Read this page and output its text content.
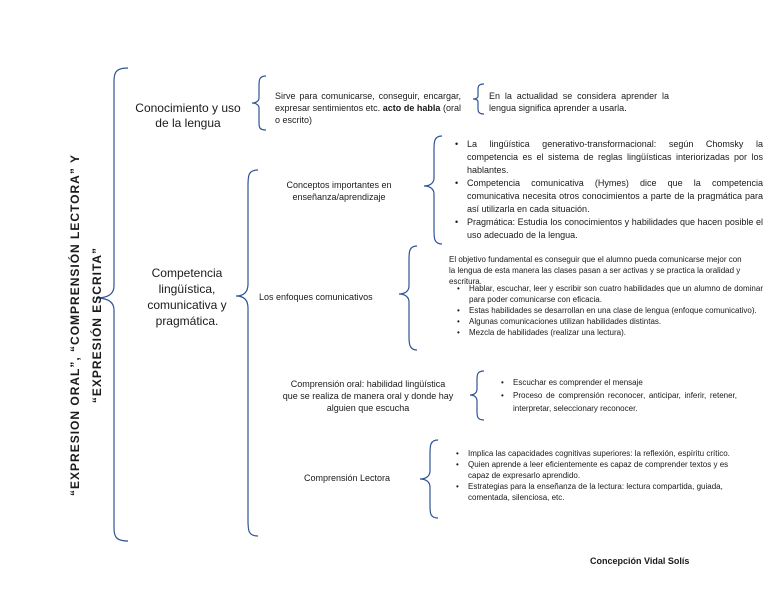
“EXPRESION ORAL”, “COMPRENSIÓN LECTORA” Y “EXPRESIÓN ESCRITA”
Conocimiento y uso de la lengua
Sirve para comunicarse, conseguir, encargar, expresar sentimientos etc. acto de habla (oral o escrito)
En la actualidad se considera aprender la lengua significa aprender a usarla.
Competencia lingüística, comunicativa y pragmática.
Conceptos importantes en enseñanza/aprendizaje
• La lingüística generativo-transformacional: según Chomsky la competencia es el sistema de reglas lingüísticas interiorizadas por los hablantes.
• Competencia comunicativa (Hymes) dice que la competencia comunicativa necesita otros conocimientos a parte de la pragmática para así utilizarla en cada situación.
• Pragmática: Estudia los conocimientos y habilidades que hacen posible el uso adecuado de la lengua.
Los enfoques comunicativos
El objetivo fundamental es conseguir que el alumno pueda comunicarse mejor con la lengua de esta manera las clases pasan a ser activas y se practica la oralidad y escritura.
• Hablar, escuchar, leer y escribir son cuatro habilidades que un alumno de dominar para poder comunicarse con eficacia.
• Estas habilidades se desarrollan en una clase de lengua (enfoque comunicativo).
• Algunas comunicaciones utilizan habilidades distintas.
• Mezcla de habilidades (realizar una lectura).
Comprensión oral: habilidad lingüística que se realiza de manera oral y donde hay alguien que escucha
• Escuchar es comprender el mensaje
• Proceso de comprensión reconocer, anticipar, inferir, retener, interpretar, seleccionary reconocer.
Comprensión Lectora
• Implica las capacidades cognitivas superiores: la reflexión, espíritu crítico.
• Quien aprende a leer eficientemente es capaz de comprender textos y es capaz de expresarlo aprendido.
• Estrategias para la enseñanza de la lectura: lectura compartida, guiada, comentada, silenciosa, etc.
Concepción Vidal Solís
